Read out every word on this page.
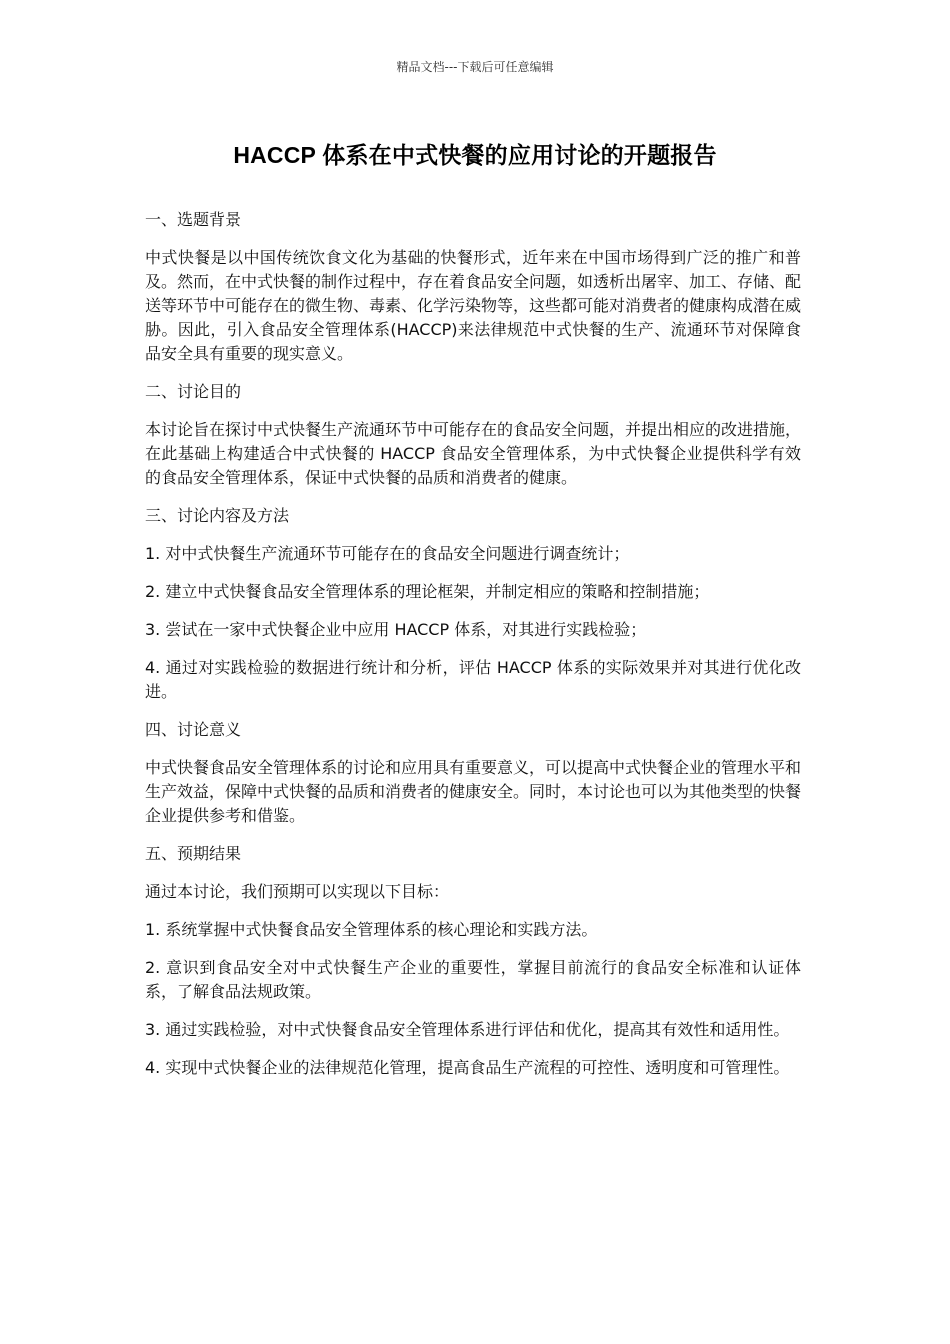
精品文档---下载后可任意编辑
HACCP 体系在中式快餐的应用讨论的开题报告

一、选题背景

中式快餐是以中国传统饮食文化为基础的快餐形式，近年来在中国市场得到广泛的推广和普及。然而，在中式快餐的制作过程中，存在着食品安全问题，如透析出屠宰、加工、存储、配送等环节中可能存在的微生物、毒素、化学污染物等，这些都可能对消费者的健康构成潜在威胁。因此，引入食品安全管理体系(HACCP)来法律规范中式快餐的生产、流通环节对保障食品安全具有重要的现实意义。

二、讨论目的

本讨论旨在探讨中式快餐生产流通环节中可能存在的食品安全问题，并提出相应的改进措施，在此基础上构建适合中式快餐的 HACCP 食品安全管理体系，为中式快餐企业提供科学有效的食品安全管理体系，保证中式快餐的品质和消费者的健康。

三、讨论内容及方法

1. 对中式快餐生产流通环节可能存在的食品安全问题进行调查统计；

2. 建立中式快餐食品安全管理体系的理论框架，并制定相应的策略和控制措施；

3. 尝试在一家中式快餐企业中应用 HACCP 体系，对其进行实践检验；

4. 通过对实践检验的数据进行统计和分析，评估 HACCP 体系的实际效果并对其进行优化改进。

四、讨论意义

中式快餐食品安全管理体系的讨论和应用具有重要意义，可以提高中式快餐企业的管理水平和生产效益，保障中式快餐的品质和消费者的健康安全。同时，本讨论也可以为其他类型的快餐企业提供参考和借鉴。

五、预期结果

通过本讨论，我们预期可以实现以下目标：

1. 系统掌握中式快餐食品安全管理体系的核心理论和实践方法。

2. 意识到食品安全对中式快餐生产企业的重要性，掌握目前流行的食品安全标准和认证体系，了解食品法规政策。

3. 通过实践检验，对中式快餐食品安全管理体系进行评估和优化，提高其有效性和适用性。

4. 实现中式快餐企业的法律规范化管理，提高食品生产流程的可控性、透明度和可管理性。
